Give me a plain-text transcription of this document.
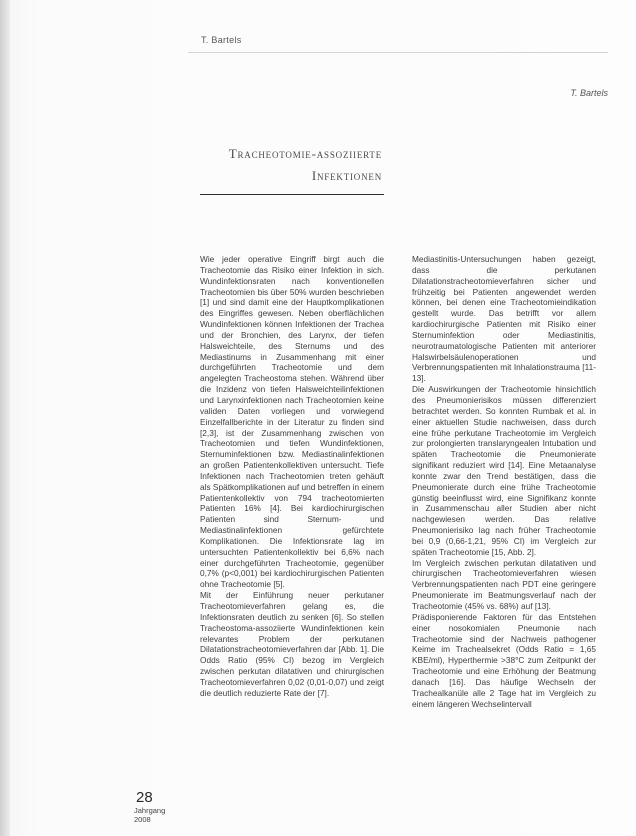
T. Bartels
T. Bartels
Tracheotomie-assoziierte
Infektionen

Wie jeder operative Eingriff birgt auch die Tracheotomie das Risiko einer Infektion in sich. Wundinfektionsraten nach konventionellen Tracheotomien bis über 50% wurden beschrieben [1] und sind damit eine der Hauptkomplikationen des Eingriffes gewesen. Neben oberflächlichen Wundinfektionen können Infektionen der Trachea und der Bronchien, des Larynx, der tiefen Halsweichteile, des Sternums und des Mediastinums in Zusammenhang mit einer durchgeführten Tracheotomie und dem angelegten Tracheostoma stehen. Während über die Inzidenz von tiefen Halsweichteilinfektionen und Larynxinfektionen nach Tracheotomien keine validen Daten vorliegen und vorwiegend Einzelfallberichte in der Literatur zu finden sind [2,3], ist der Zusammenhang zwischen von Tracheotomien und tiefen Wundinfektionen, Sternuminfektionen bzw. Mediastinalinfektionen an großen Patientenkollektiven untersucht. Tiefe Infektionen nach Tracheotomien treten gehäuft als Spätkomplikationen auf und betreffen in einem Patientenkollektiv von 794 tracheotomierten Patienten 16% [4]. Bei kardiochirurgischen Patienten sind Sternum- und Mediastinalinfektionen gefürchtete Komplikationen. Die Infektionsrate lag im untersuchten Patientenkollektiv bei 6,6% nach einer durchgeführten Tracheotomie, gegenüber 0,7% (p<0,001) bei kardiochirurgischen Patienten ohne Tracheotomie [5].

Mit der Einführung neuer perkutaner Tracheotomieverfahren gelang es, die Infektionsraten deutlich zu senken [6]. So stellen Tracheostoma-assoziierte Wundinfektionen kein relevantes Problem der perkutanen Dilatationstracheotomieverfahren dar [Abb. 1]. Die Odds Ratio (95% CI) bezog im Vergleich zwischen perkutan dilatativen und chirurgischen Tracheotomieverfahren 0,02 (0,01-0,07) und zeigt die deutlich reduzierte Rate der [7].

Mediastinitis-Untersuchungen haben gezeigt, dass die perkutanen Dilatationstracheotomieverfahren sicher und frühzeitig bei Patienten angewendet werden können, bei denen eine Tracheotomieindikation gestellt wurde. Das betrifft vor allem kardiochirurgische Patienten mit Risiko einer Sternuminfektion oder Mediastinitis, neurotraumatologische Patienten mit anteriorer Halswirbelsäulenoperationen und Verbrennungspatienten mit Inhalationstrauma [11-13].

Die Auswirkungen der Tracheotomie hinsichtlich des Pneumonierisikos müssen differenziert betrachtet werden. So konnten Rumbak et al. in einer aktuellen Studie nachweisen, dass durch eine frühe perkutane Tracheotomie im Vergleich zur prolongierten translaryngealen Intubation und späten Tracheotomie die Pneumonierate signifikant reduziert wird [14]. Eine Metaanalyse konnte zwar den Trend bestätigen, dass die Pneumonierate durch eine frühe Tracheotomie günstig beeinflusst wird, eine Signifikanz konnte in Zusammenschau aller Studien aber nicht nachgewiesen werden. Das relative Pneumonierisiko lag nach früher Tracheotomie bei 0,9 (0,66-1,21, 95% CI) im Vergleich zur späten Tracheotomie [15, Abb. 2].

Im Vergleich zwischen perkutan dilatativen und chirurgischen Tracheotomieverfahren wiesen Verbrennungspatienten nach PDT eine geringere Pneumonierate im Beatmungsverlauf nach der Tracheotomie (45% vs. 68%) auf [13].

Prädisponierende Faktoren für das Entstehen einer nosokomialen Pneumonie nach Tracheotomie sind der Nachweis pathogener Keime im Trachealsekret (Odds Ratio = 1,65 KBE/ml), Hyperthermie >38°C zum Zeitpunkt der Tracheotomie und eine Erhöhung der Beatmung danach [16]. Das häufige Wechseln der Trachealkanüle alle 2 Tage hat im Vergleich zu einem längeren Wechselintervall

28
Jahrgang
2008
